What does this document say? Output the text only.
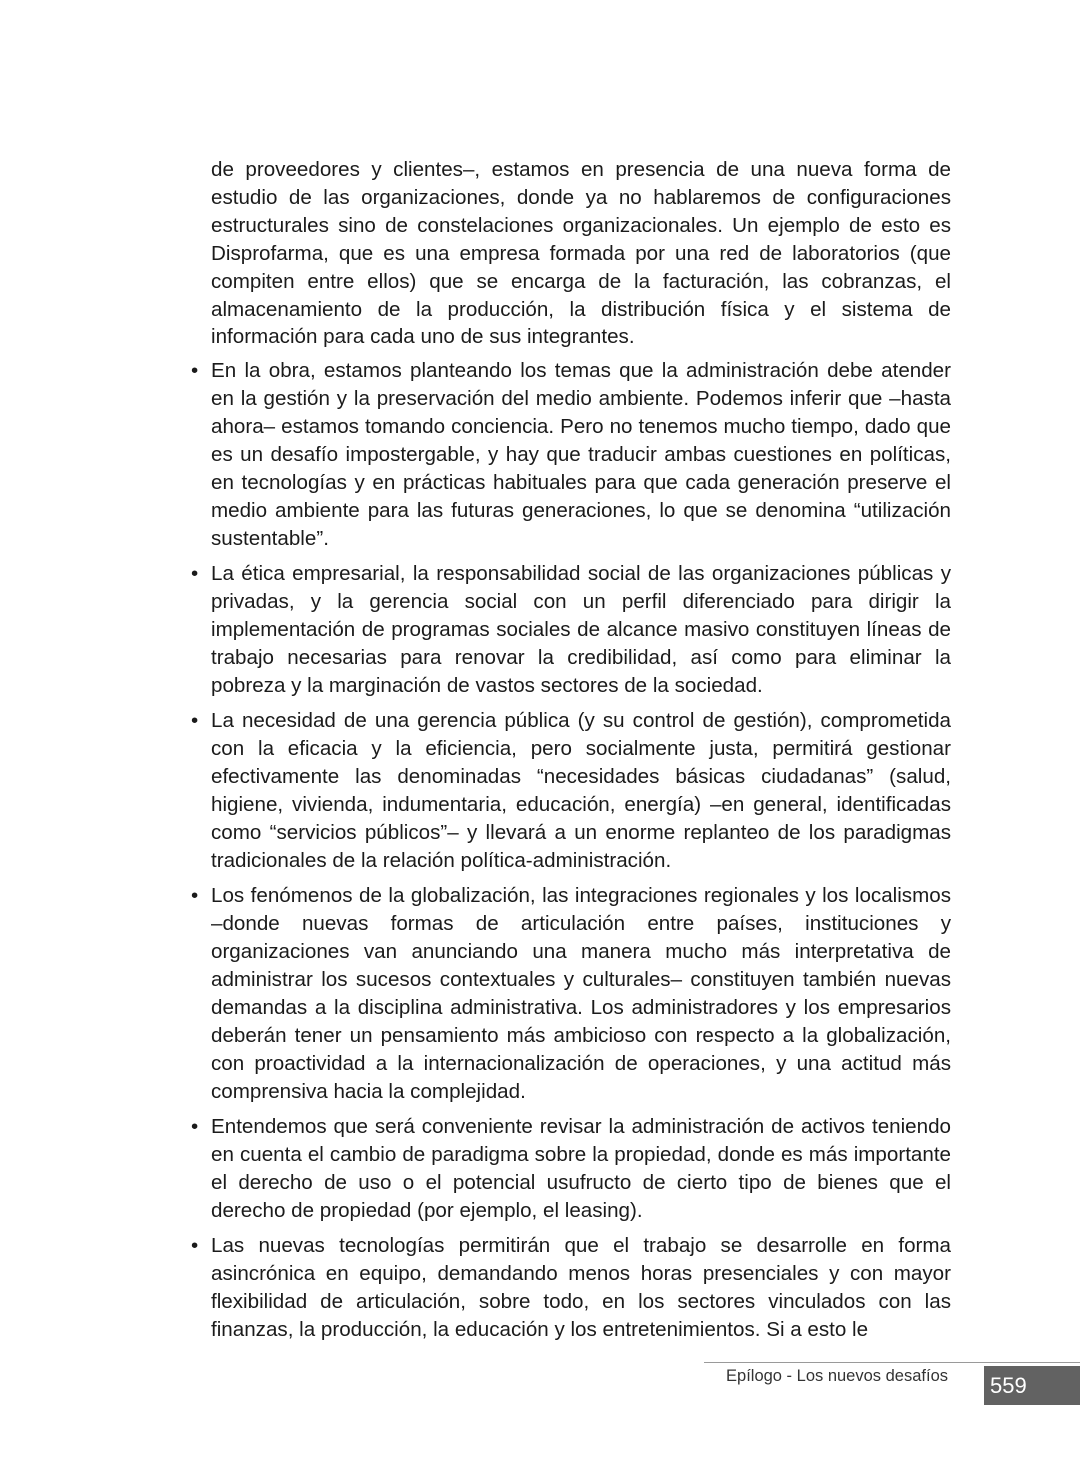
de proveedores y clientes–, estamos en presencia de una nueva forma de estudio de las organizaciones, donde ya no hablaremos de configuraciones estructurales sino de constelaciones organizacionales. Un ejemplo de esto es Disprofarma, que es una empresa formada por una red de laboratorios (que compiten entre ellos) que se encarga de la facturación, las cobranzas, el almacenamiento de la producción, la distribución física y el sistema de información para cada uno de sus integrantes.

• En la obra, estamos planteando los temas que la administración debe atender en la gestión y la preservación del medio ambiente. Podemos inferir que –hasta ahora– estamos tomando conciencia. Pero no tenemos mucho tiempo, dado que es un desafío impostergable, y hay que traducir ambas cuestiones en políticas, en tecnologías y en prácticas habituales para que cada generación preserve el medio ambiente para las futuras generaciones, lo que se denomina “utilización sustentable”.

• La ética empresarial, la responsabilidad social de las organizaciones públicas y privadas, y la gerencia social con un perfil diferenciado para dirigir la implementación de programas sociales de alcance masivo constituyen líneas de trabajo necesarias para renovar la credibilidad, así como para eliminar la pobreza y la marginación de vastos sectores de la sociedad.

• La necesidad de una gerencia pública (y su control de gestión), comprometida con la eficacia y la eficiencia, pero socialmente justa, permitirá gestionar efectivamente las denominadas “necesidades básicas ciudadanas” (salud, higiene, vivienda, indumentaria, educación, energía) –en general, identificadas como “servicios públicos”– y llevará a un enorme replanteo de los paradigmas tradicionales de la relación política-administración.

• Los fenómenos de la globalización, las integraciones regionales y los localismos –donde nuevas formas de articulación entre países, instituciones y organizaciones van anunciando una manera mucho más interpretativa de administrar los sucesos contextuales y culturales– constituyen también nuevas demandas a la disciplina administrativa. Los administradores y los empresarios deberán tener un pensamiento más ambicioso con respecto a la globalización, con proactividad a la internacionalización de operaciones, y una actitud más comprensiva hacia la complejidad.

• Entendemos que será conveniente revisar la administración de activos teniendo en cuenta el cambio de paradigma sobre la propiedad, donde es más importante el derecho de uso o el potencial usufructo de cierto tipo de bienes que el derecho de propiedad (por ejemplo, el leasing).

• Las nuevas tecnologías permitirán que el trabajo se desarrolle en forma asincrónica en equipo, demandando menos horas presenciales y con mayor flexibilidad de articulación, sobre todo, en los sectores vinculados con las finanzas, la producción, la educación y los entretenimientos. Si a esto le

Epílogo - Los nuevos desafíos 559
